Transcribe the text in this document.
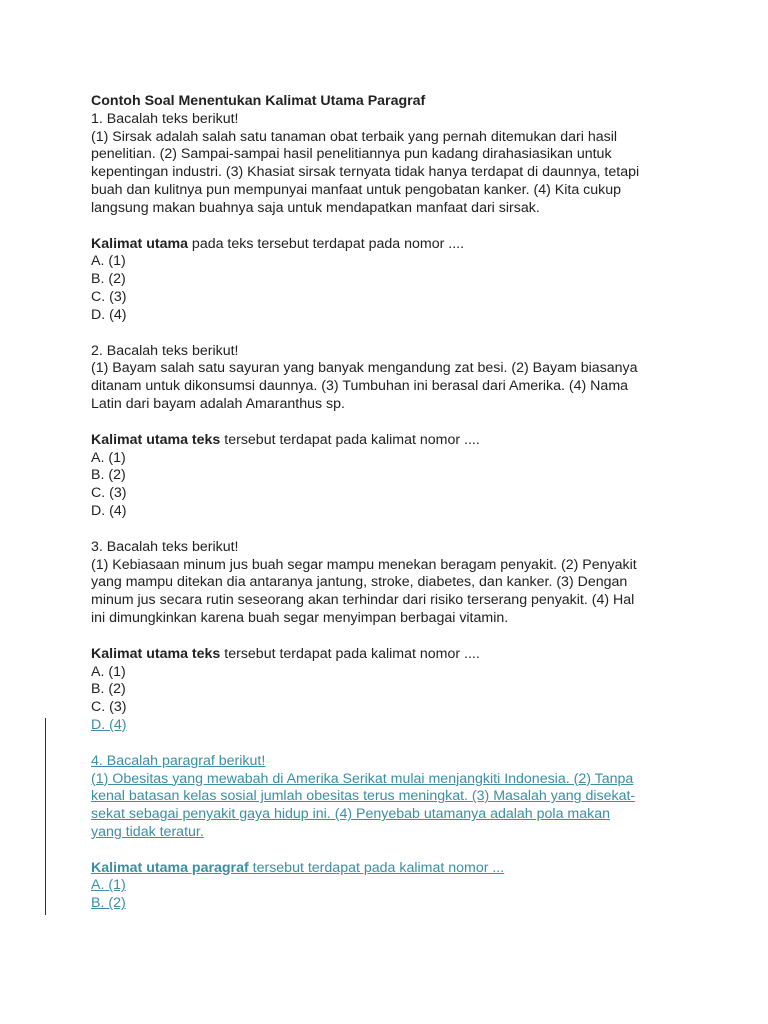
Contoh Soal Menentukan Kalimat Utama Paragraf
1. Bacalah teks berikut!
(1) Sirsak adalah salah satu tanaman obat terbaik yang pernah ditemukan dari hasil
penelitian. (2) Sampai-sampai hasil penelitiannya pun kadang dirahasiasikan untuk
kepentingan industri. (3) Khasiat sirsak ternyata tidak hanya terdapat di daunnya, tetapi
buah dan kulitnya pun mempunyai manfaat untuk pengobatan kanker. (4) Kita cukup
langsung makan buahnya saja untuk mendapatkan manfaat dari sirsak.
Kalimat utama pada teks tersebut terdapat pada nomor ....
A. (1)
B. (2)
C. (3)
D. (4)
2. Bacalah teks berikut!
(1) Bayam salah satu sayuran yang banyak mengandung zat besi. (2) Bayam biasanya
ditanam untuk dikonsumsi daunnya. (3) Tumbuhan ini berasal dari Amerika. (4) Nama
Latin dari bayam adalah Amaranthus sp.
Kalimat utama teks tersebut terdapat pada kalimat nomor ....
A. (1)
B. (2)
C. (3)
D. (4)
3. Bacalah teks berikut!
(1) Kebiasaan minum jus buah segar mampu menekan beragam penyakit. (2) Penyakit
yang mampu ditekan dia antaranya jantung, stroke, diabetes, dan kanker. (3) Dengan
minum jus secara rutin seseorang akan terhindar dari risiko terserang penyakit. (4) Hal
ini dimungkinkan karena buah segar menyimpan berbagai vitamin.
Kalimat utama teks tersebut terdapat pada kalimat nomor ....
A. (1)
B. (2)
C. (3)
D. (4)
4. Bacalah paragraf berikut!
(1) Obesitas yang mewabah di Amerika Serikat mulai menjangkiti Indonesia. (2) Tanpa
kenal batasan kelas sosial jumlah obesitas terus meningkat. (3) Masalah yang disekat-
sekat sebagai penyakit gaya hidup ini. (4) Penyebab utamanya adalah pola makan
yang tidak teratur.
Kalimat utama paragraf tersebut terdapat pada kalimat nomor ...
A. (1)
B. (2)
